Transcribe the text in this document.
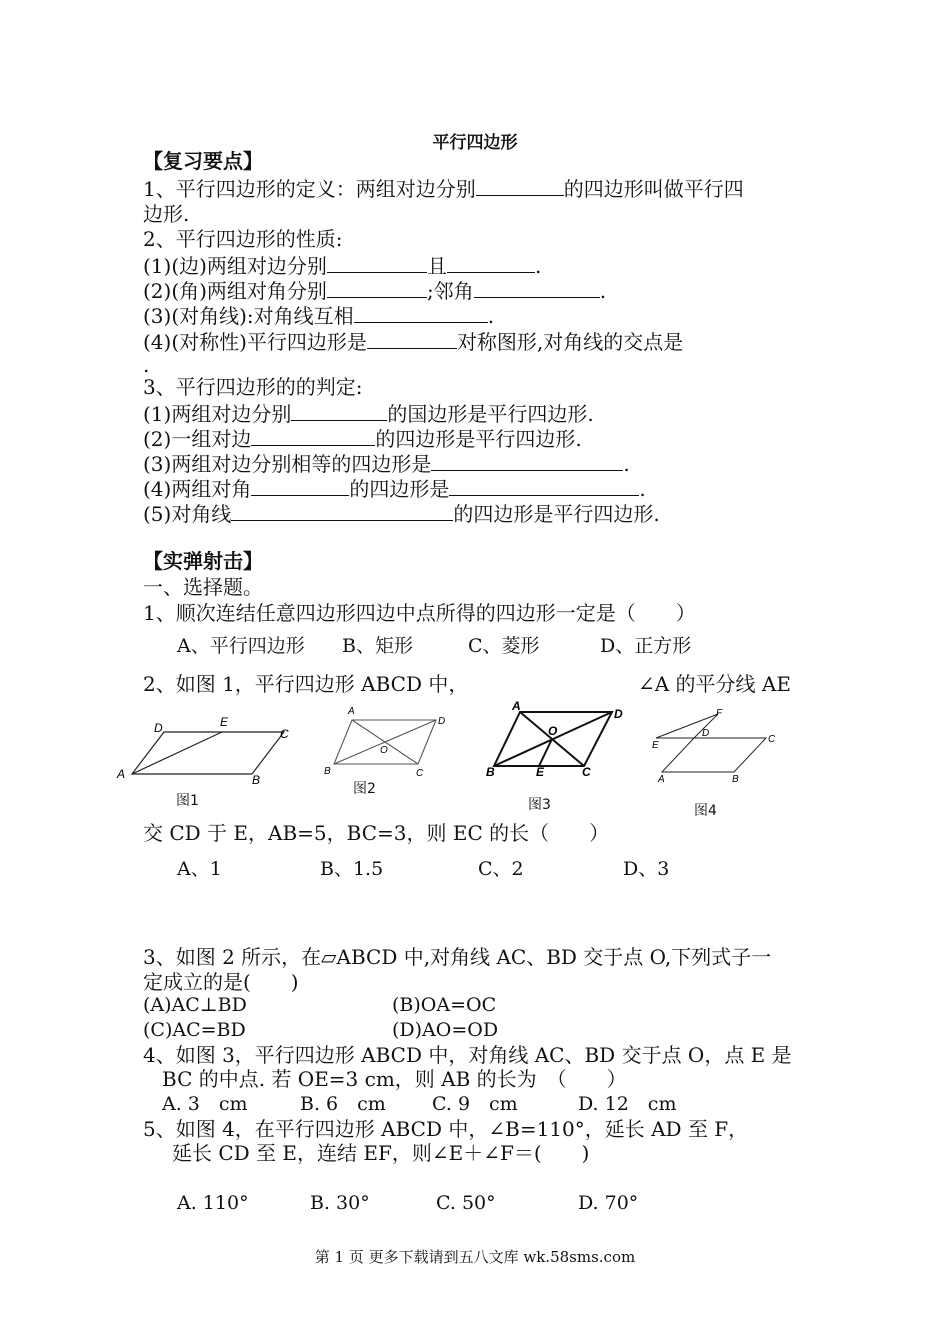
平行四边形
【复习要点】
1、平行四边形的定义：两组对边分别	的四边形叫做平行四
边形.
2、平行四边形的性质:
(1)(边)两组对边分别	且	.
(2)(角)两组对角分别	;邻角	.
(3)(对角线):对角线互相	.
(4)(对称性)平行四边形是	对称图形,对角线的交点是
.
3、平行四边形的的判定:
(1)两组对边分别	的国边形是平行四边形.
(2)一组对边	的四边形是平行四边形.
(3)两组对边分别相等的四边形是	.
(4)两组对角	的四边形是	.
(5)对角线	的四边形是平行四边形.
【实弹射击】
一、选择题。
1、顺次连结任意四边形四边中点所得的四边形一定是（　　）
A、平行四边形 B、矩形	C、菱形	D、正方形
2、如图 1，平行四边形 ABCD 中，	∠A 的平分线 AE
A	B
C
D	E
图1
A
B	C
D
O
图2
A
B	C
D
E
O
图3
A	B
C
D
E
F
图4
交 CD 于 E，AB=5，BC=3，则 EC 的长（　　）
A、1	B、1.5	C、2	D、3
3、如图 2 所示，在▱ABCD 中,对角线 AC、BD 交于点 O,下列式子一
定成立的是(　　)
(A)AC⊥BD	(B)OA=OC
(C)AC=BD	(D)AO=OD
4、如图 3，平行四边形 ABCD 中，对角线 AC、BD 交于点 O，点 E 是
BC 的中点. 若 OE=3 cm，则 AB 的长为　（　　）
A. 3　cm	B. 6　cm C. 9　cm	D. 12　cm
5、如图 4，在平行四边形 ABCD 中，∠B=110°，延长 AD 至 F，
延长 CD 至 E，连结 EF，则∠E＋∠F＝(　　)
A. 110°	B. 30°	C. 50°	D. 70°
第 1 页 更多下载请到五八文库 wk.58sms.com
